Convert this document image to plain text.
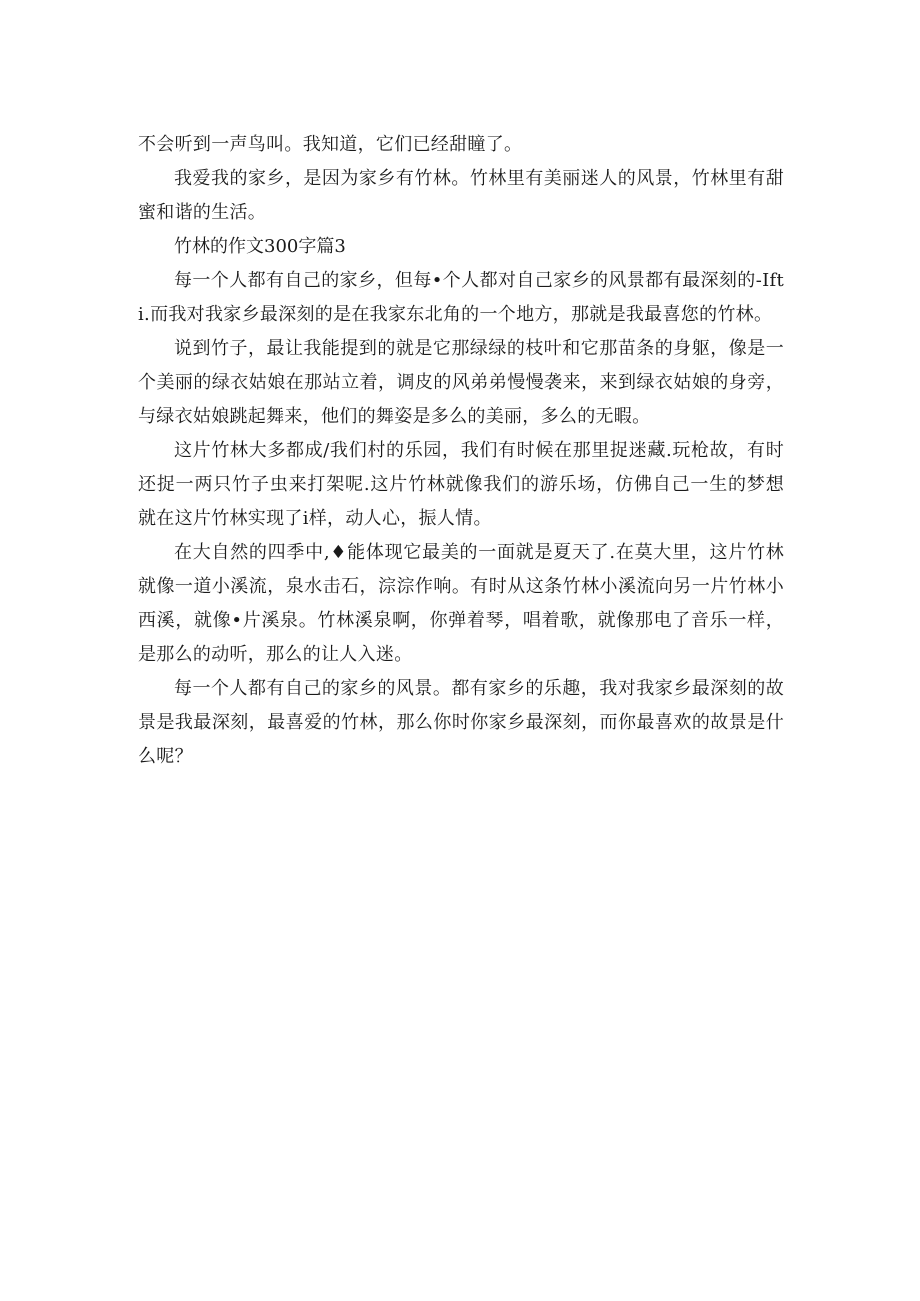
不会听到一声鸟叫。我知道，它们已经甜瞳了。

我爱我的家乡，是因为家乡有竹林。竹林里有美丽迷人的风景，竹林里有甜蜜和谐的生活。

竹林的作文300字篇3

每一个人都有自己的家乡，但每•个人都对自己家乡的风景都有最深刻的-Ifti.而我对我家乡最深刻的是在我家东北角的一个地方，那就是我最喜您的竹林。

说到竹子，最让我能提到的就是它那绿绿的枝叶和它那苗条的身躯，像是一个美丽的绿衣姑娘在那站立着，调皮的风弟弟慢慢袭来，来到绿衣姑娘的身旁，与绿衣姑娘跳起舞来，他们的舞姿是多么的美丽，多么的无暇。

这片竹林大多都成/我们村的乐园，我们有时候在那里捉迷藏.玩枪故，有时还捉一两只竹子虫来打架呢.这片竹林就像我们的游乐场，仿佛自己一生的梦想就在这片竹林实现了i样，动人心，振人情。

在大自然的四季中,♦能体现它最美的一面就是夏天了.在莫大里，这片竹林就像一道小溪流，泉水击石，淙淙作响。有时从这条竹林小溪流向另一片竹林小西溪，就像•片溪泉。竹林溪泉啊，你弹着琴，唱着歌，就像那电了音乐一样，是那么的动听，那么的让人入迷。

每一个人都有自己的家乡的风景。都有家乡的乐趣，我对我家乡最深刻的故景是我最深刻，最喜爱的竹林，那么你时你家乡最深刻，而你最喜欢的故景是什么呢？
